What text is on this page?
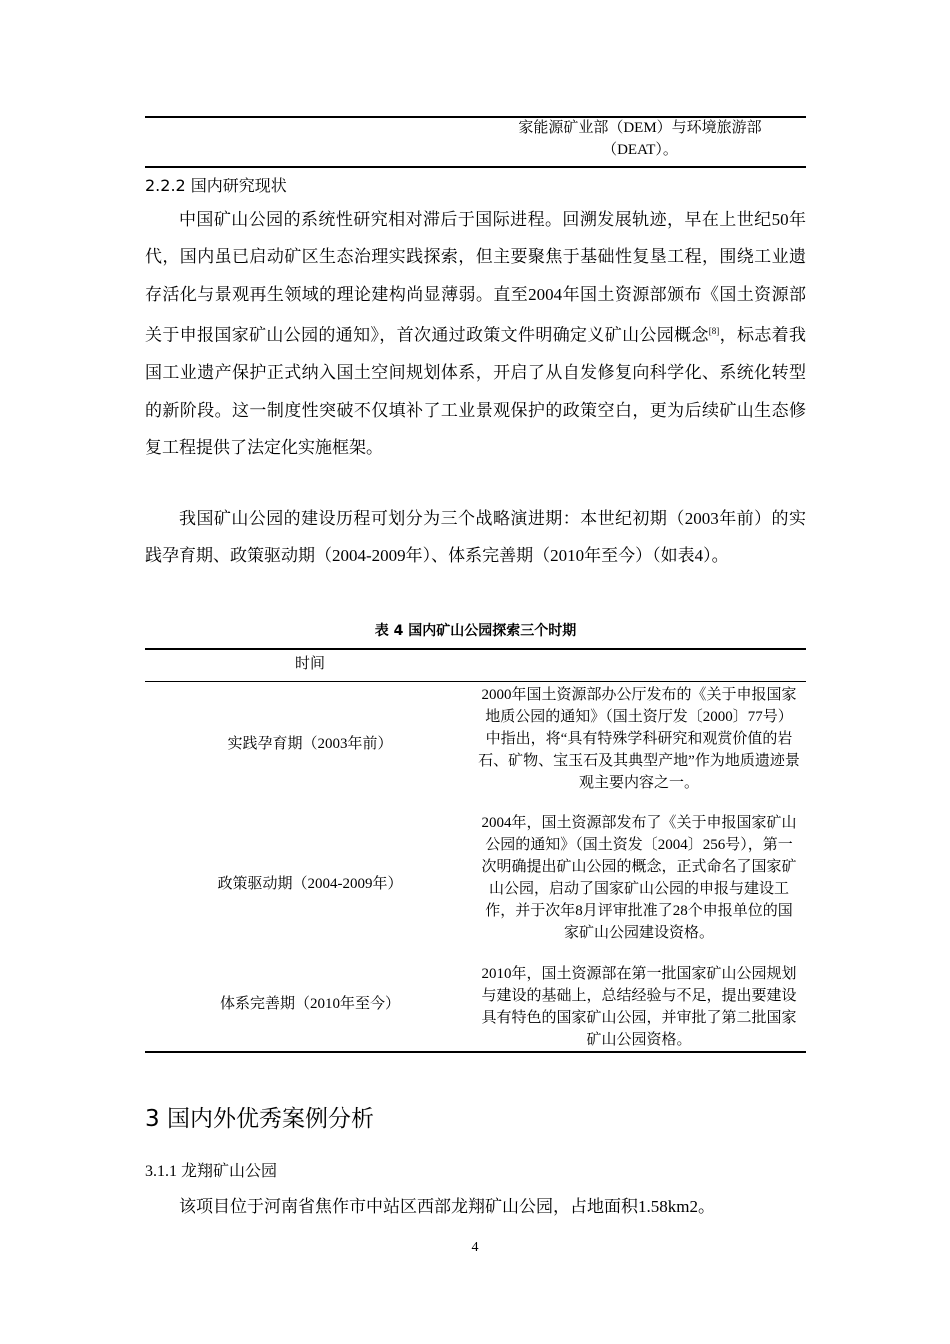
家能源矿业部（DEM）与环境旅游部
（DEAT）。
2.2.2 国内研究现状

中国矿山公园的系统性研究相对滞后于国际进程。回溯发展轨迹，早在上世纪50年代，国内虽已启动矿区生态治理实践探索，但主要聚焦于基础性复垦工程，围绕工业遗存活化与景观再生领域的理论建构尚显薄弱。直至2004年国土资源部颁布《国土资源部关于申报国家矿山公园的通知》，首次通过政策文件明确定义矿山公园概念[8]，标志着我国工业遗产保护正式纳入国土空间规划体系，开启了从自发修复向科学化、系统化转型的新阶段。这一制度性突破不仅填补了工业景观保护的政策空白，更为后续矿山生态修复工程提供了法定化实施框架。

我国矿山公园的建设历程可划分为三个战略演进期：本世纪初期（2003年前）的实践孕育期、政策驱动期（2004-2009年）、体系完善期（2010年至今）（如表4）。

表 4 国内矿山公园探索三个时期
时间
实践孕育期（2003年前）
2000年国土资源部办公厅发布的《关于申报国家地质公园的通知》（国土资厅发〔2000〕77号）中指出，将“具有特殊学科研究和观赏价值的岩石、矿物、宝玉石及其典型产地”作为地质遗迹景观主要内容之一。
政策驱动期（2004-2009年）
2004年，国土资源部发布了《关于申报国家矿山公园的通知》（国土资发〔2004〕256号），第一次明确提出矿山公园的概念，正式命名了国家矿山公园，启动了国家矿山公园的申报与建设工作，并于次年8月评审批准了28个申报单位的国家矿山公园建设资格。
体系完善期（2010年至今）
2010年，国土资源部在第一批国家矿山公园规划与建设的基础上，总结经验与不足，提出要建设具有特色的国家矿山公园，并审批了第二批国家矿山公园资格。
3 国内外优秀案例分析
3.1.1 龙翔矿山公园

该项目位于河南省焦作市中站区西部龙翔矿山公园，占地面积1.58km2。

4
